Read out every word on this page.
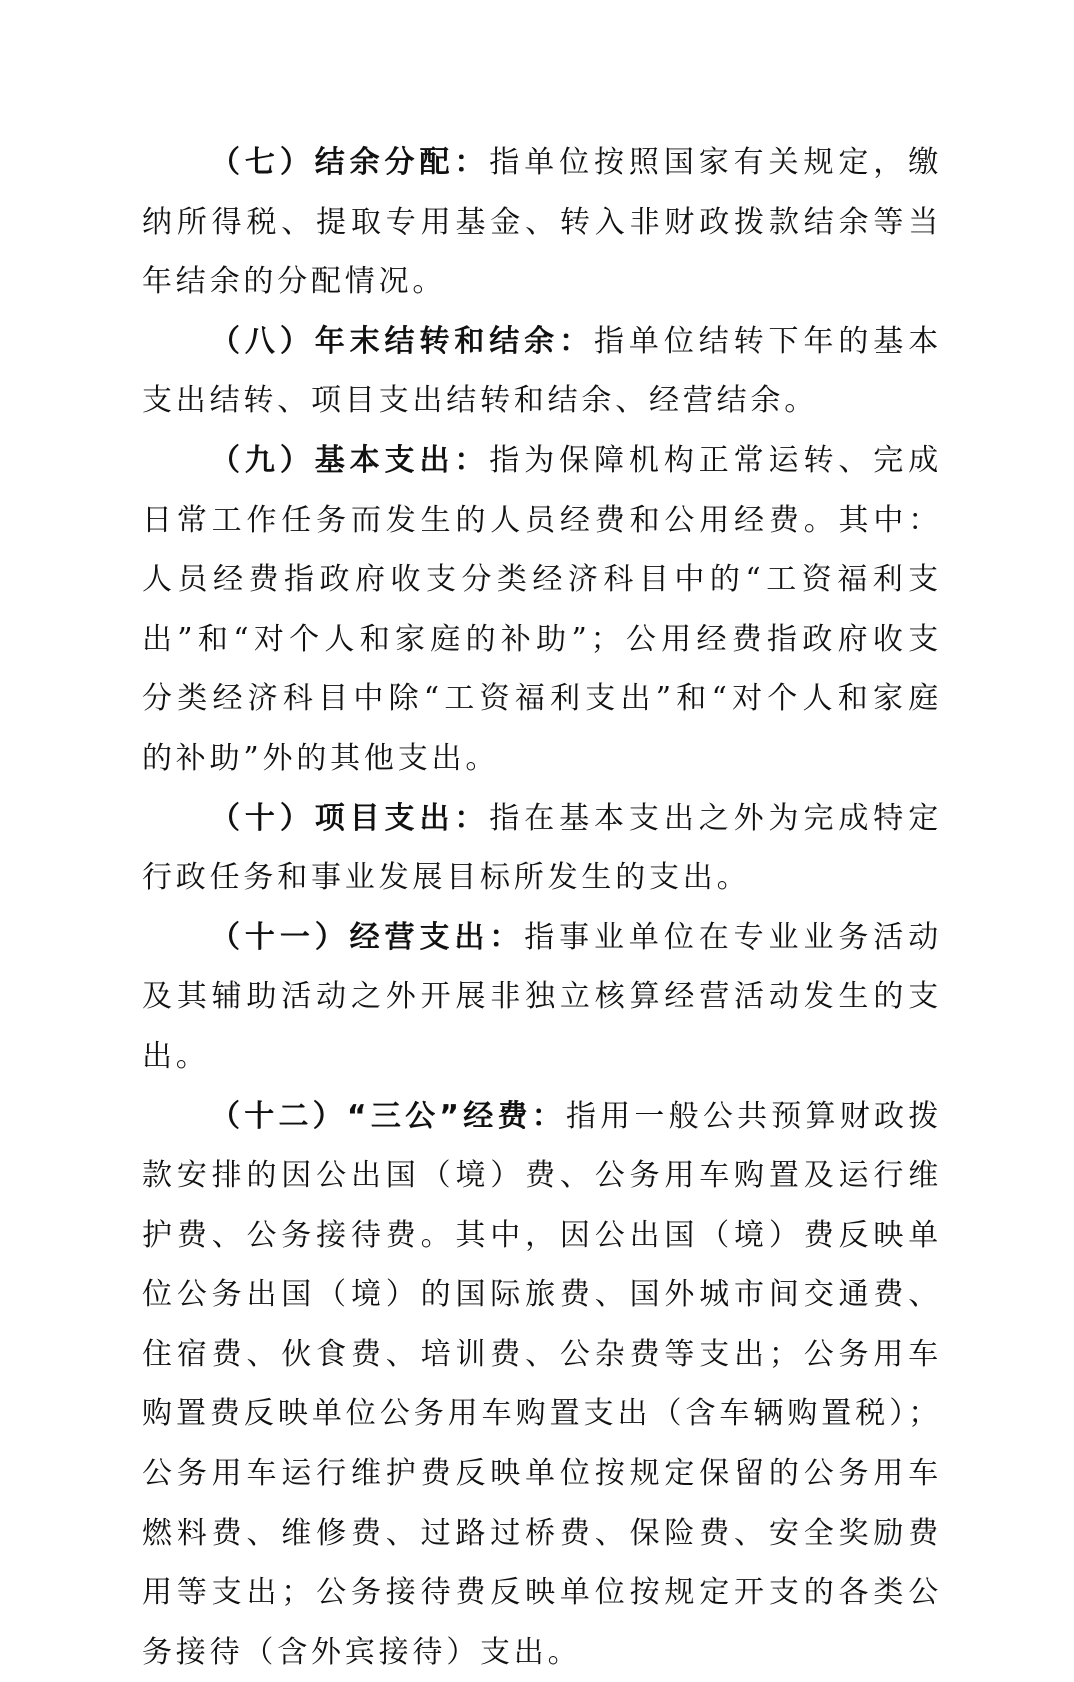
（七）结余分配：指单位按照国家有关规定，缴纳所得税、提取专用基金、转入非财政拨款结余等当年结余的分配情况。

（八）年末结转和结余：指单位结转下年的基本支出结转、项目支出结转和结余、经营结余。

（九）基本支出：指为保障机构正常运转、完成日常工作任务而发生的人员经费和公用经费。其中：人员经费指政府收支分类经济科目中的“工资福利支出”和“对个人和家庭的补助”；公用经费指政府收支分类经济科目中除“工资福利支出”和“对个人和家庭的补助”外的其他支出。

（十）项目支出：指在基本支出之外为完成特定行政任务和事业发展目标所发生的支出。

（十一）经营支出：指事业单位在专业业务活动及其辅助活动之外开展非独立核算经营活动发生的支出。

（十二）“三公”经费：指用一般公共预算财政拨款安排的因公出国（境）费、公务用车购置及运行维护费、公务接待费。其中，因公出国（境）费反映单位公务出国（境）的国际旅费、国外城市间交通费、住宿费、伙食费、培训费、公杂费等支出；公务用车购置费反映单位公务用车购置支出（含车辆购置税）；公务用车运行维护费反映单位按规定保留的公务用车燃料费、维修费、过路过桥费、保险费、安全奖励费用等支出；公务接待费反映单位按规定开支的各类公务接待（含外宾接待）支出。
